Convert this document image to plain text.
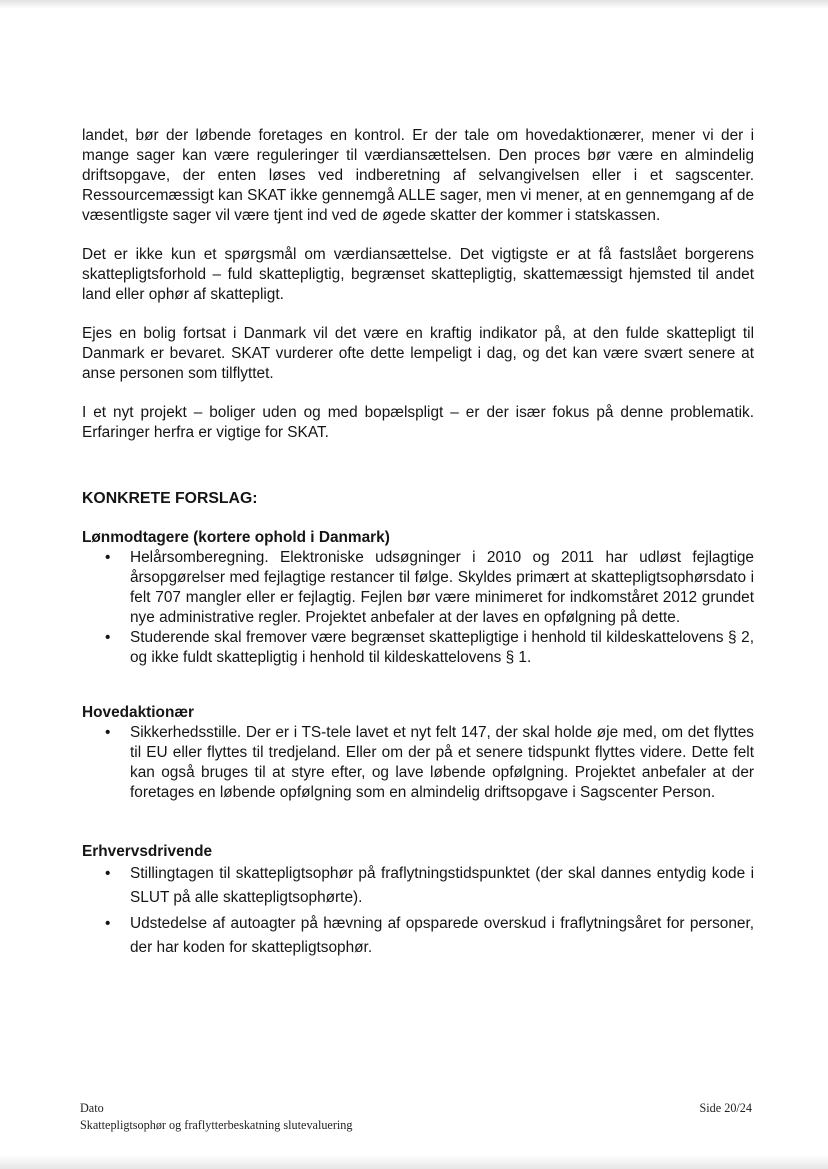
landet, bør der løbende foretages en kontrol. Er der tale om hovedaktionærer, mener vi der i mange sager kan være reguleringer til værdiansættelsen. Den proces bør være en almindelig driftsopgave, der enten løses ved indberetning af selvangivelsen eller i et sagscenter. Ressourcemæssigt kan SKAT ikke gennemgå ALLE sager, men vi mener, at en gennemgang af de væsentligste sager vil være tjent ind ved de øgede skatter der kommer i statskassen.

Det er ikke kun et spørgsmål om værdiansættelse. Det vigtigste er at få fastslået borgerens skattepligtsforhold – fuld skattepligtig, begrænset skattepligtig, skattemæssigt hjemsted til andet land eller ophør af skattepligt.

Ejes en bolig fortsat i Danmark vil det være en kraftig indikator på, at den fulde skattepligt til Danmark er bevaret. SKAT vurderer ofte dette lempeligt i dag, og det kan være svært senere at anse personen som tilflyttet.

I et nyt projekt – boliger uden og med bopælspligt – er der især fokus på denne problematik. Erfaringer herfra er vigtige for SKAT.

KONKRETE FORSLAG:
Lønmodtagere (kortere ophold i Danmark)
•	Helårsomberegning. Elektroniske udsøgninger i 2010 og 2011 har udløst fejlagtige årsopgørelser med fejlagtige restancer til følge. Skyldes primært at skattepligtsophørsdato i felt 707 mangler eller er fejlagtig. Fejlen bør være minimeret for indkomståret 2012 grundet nye administrative regler. Projektet anbefaler at der laves en opfølgning på dette.
•	Studerende skal fremover være begrænset skattepligtige i henhold til kildeskattelovens § 2, og ikke fuldt skattepligtig i henhold til kildeskattelovens § 1.
Hovedaktionær
•	Sikkerhedsstille. Der er i TS-tele lavet et nyt felt 147, der skal holde øje med, om det flyttes til EU eller flyttes til tredjeland. Eller om der på et senere tidspunkt flyttes videre. Dette felt kan også bruges til at styre efter, og lave løbende opfølgning. Projektet anbefaler at der foretages en løbende opfølgning som en almindelig driftsopgave i Sagscenter Person.
Erhvervsdrivende
•	Stillingtagen til skattepligtsophør på fraflytningstidspunktet (der skal dannes entydig kode i SLUT på alle skattepligtsophørte).
•	Udstedelse af autoagter på hævning af opsparede overskud i fraflytningsåret for personer, der har koden for skattepligtsophør.
Dato
Skattepligtsophør og fraflytterbeskatning slutevaluering
Side 20/24
